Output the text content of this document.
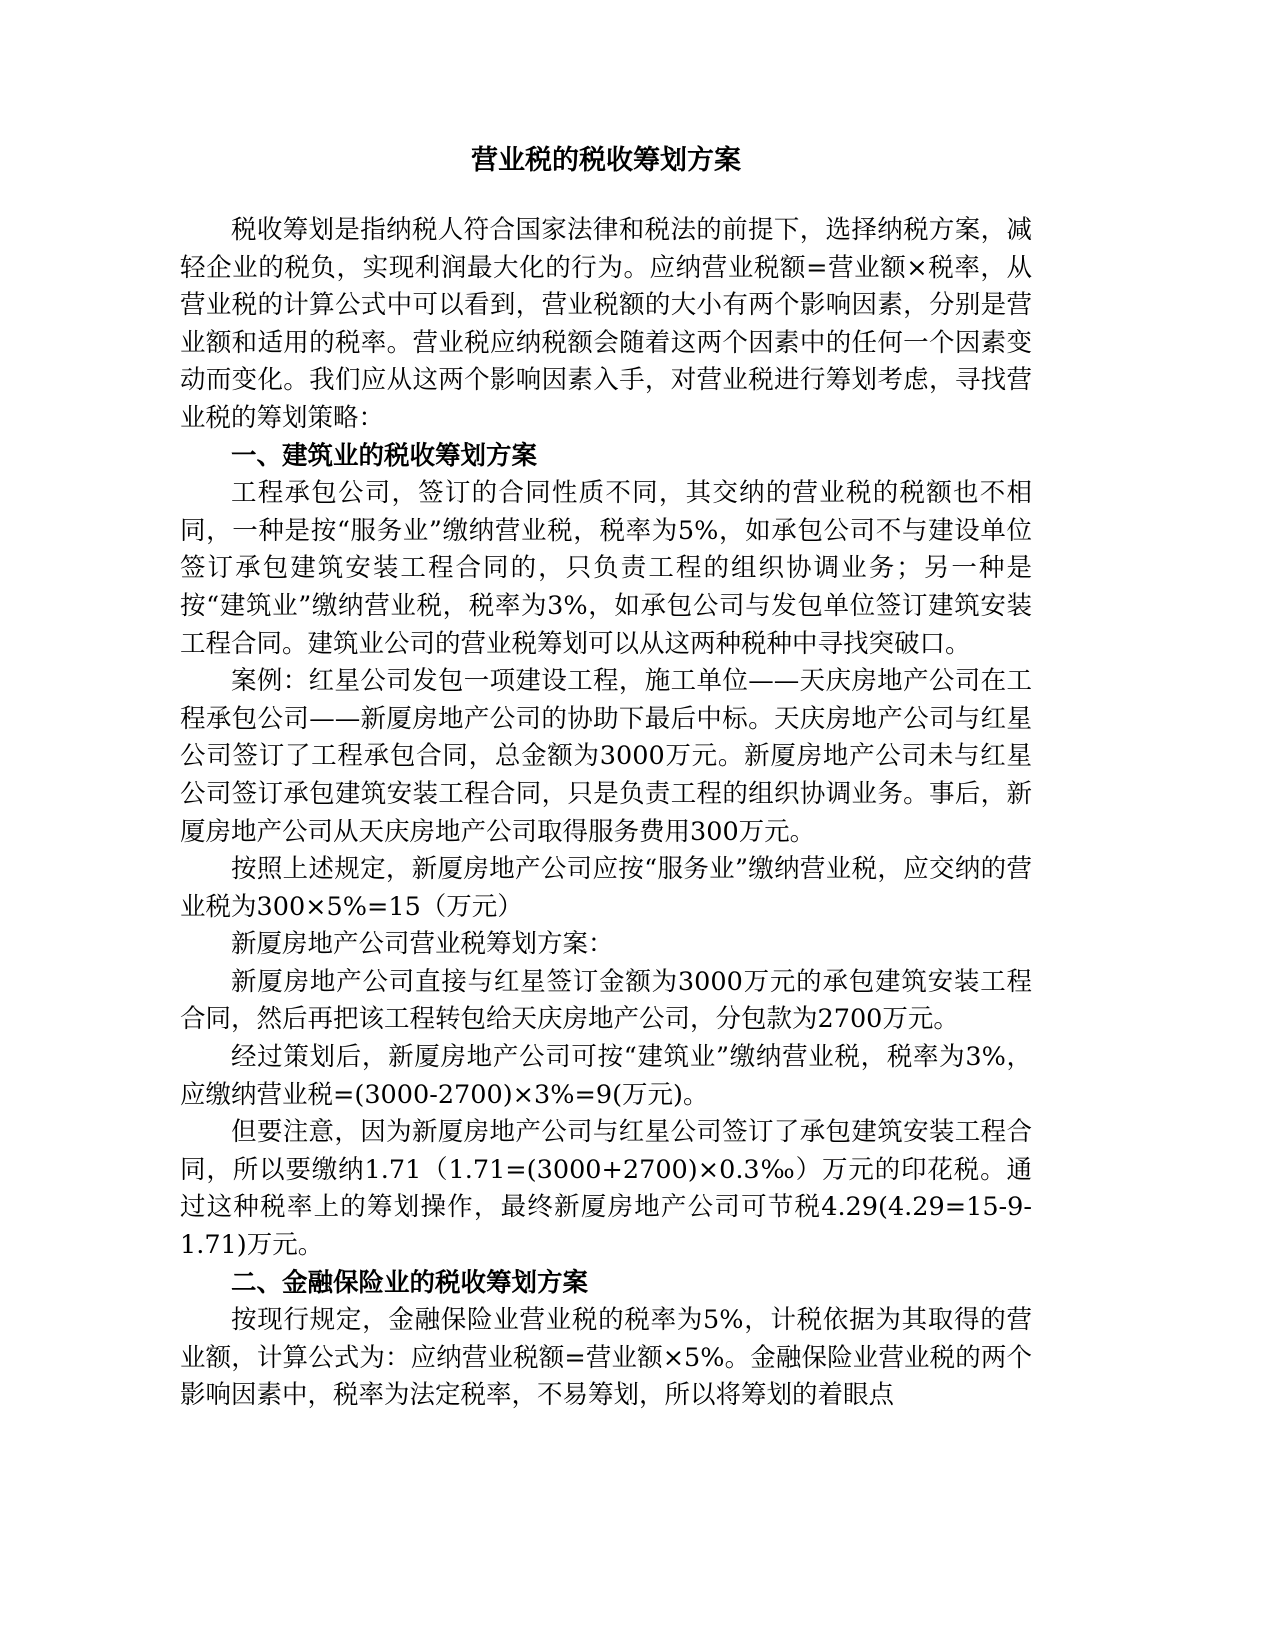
营业税的税收筹划方案

税收筹划是指纳税人符合国家法律和税法的前提下，选择纳税方案，减轻企业的税负，实现利润最大化的行为。应纳营业税额=营业额×税率，从营业税的计算公式中可以看到，营业税额的大小有两个影响因素，分别是营业额和适用的税率。营业税应纳税额会随着这两个因素中的任何一个因素变动而变化。我们应从这两个影响因素入手，对营业税进行筹划考虑，寻找营业税的筹划策略：

一、建筑业的税收筹划方案

工程承包公司，签订的合同性质不同，其交纳的营业税的税额也不相同，一种是按“服务业”缴纳营业税，税率为5%，如承包公司不与建设单位签订承包建筑安装工程合同的，只负责工程的组织协调业务；另一种是按“建筑业”缴纳营业税，税率为3%，如承包公司与发包单位签订建筑安装工程合同。建筑业公司的营业税筹划可以从这两种税种中寻找突破口。

案例：红星公司发包一项建设工程，施工单位——天庆房地产公司在工程承包公司——新厦房地产公司的协助下最后中标。天庆房地产公司与红星公司签订了工程承包合同，总金额为3000万元。新厦房地产公司未与红星公司签订承包建筑安装工程合同，只是负责工程的组织协调业务。事后，新厦房地产公司从天庆房地产公司取得服务费用300万元。

按照上述规定，新厦房地产公司应按“服务业”缴纳营业税，应交纳的营业税为300×5%=15（万元）

新厦房地产公司营业税筹划方案：

新厦房地产公司直接与红星签订金额为3000万元的承包建筑安装工程合同，然后再把该工程转包给天庆房地产公司，分包款为2700万元。

经过策划后，新厦房地产公司可按“建筑业”缴纳营业税，税率为3%，应缴纳营业税=(3000-2700)×3%=9(万元)。

但要注意，因为新厦房地产公司与红星公司签订了承包建筑安装工程合同，所以要缴纳1.71（1.71=(3000+2700)×0.3‰）万元的印花税。通过这种税率上的筹划操作，最终新厦房地产公司可节税4.29(4.29=15-9-1.71)万元。

二、金融保险业的税收筹划方案

按现行规定，金融保险业营业税的税率为5%，计税依据为其取得的营业额，计算公式为：应纳营业税额=营业额×5%。金融保险业营业税的两个影响因素中，税率为法定税率，不易筹划，所以将筹划的着眼点
